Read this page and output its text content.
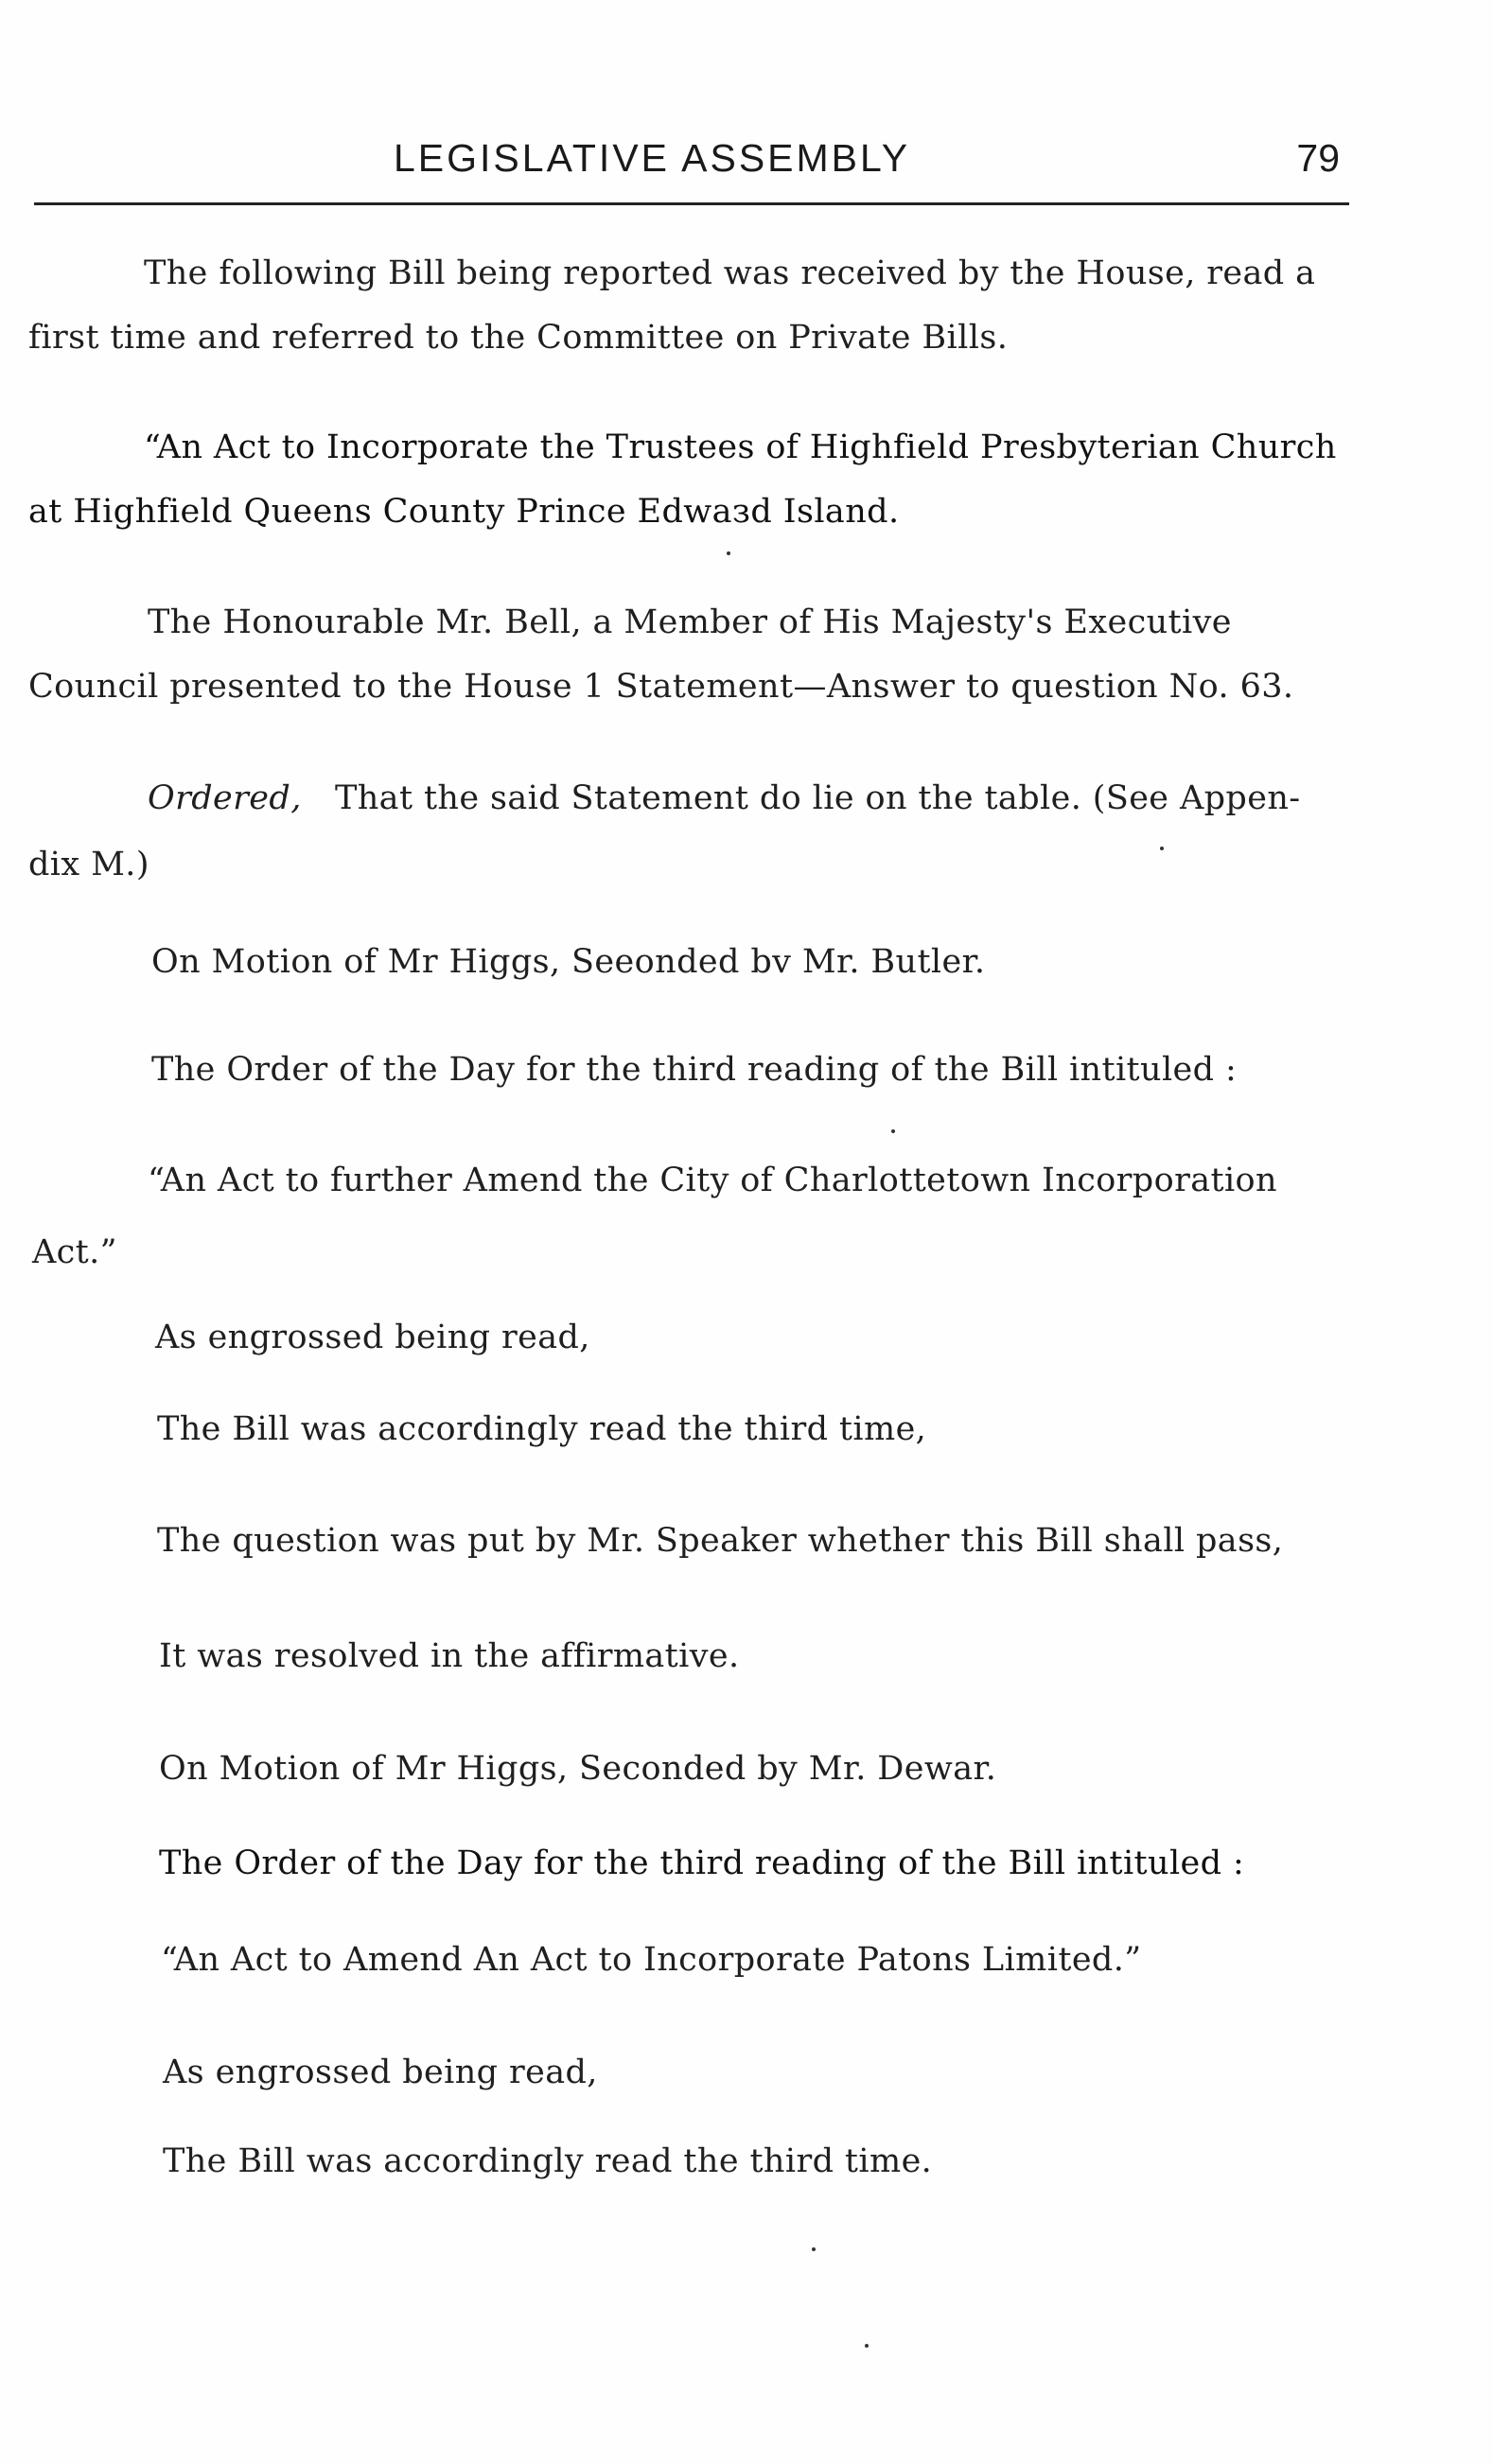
LEGISLATIVE ASSEMBLY	79
The following Bill being reported was received by the House, read a
first time and referred to the Committee on Private Bills.
“An Act to Incorporate the Trustees of Highfield Presbyterian Church
at Highfield Queens County Prince Edwaзd Island.
The Honourable Mr. Bell, a Member of His Majesty's Executive
Council presented to the House 1 Statement—Answer to question No. 63.
Ordered, That the said Statement do lie on the table. (See Appen-
dix M.)
On Motion of Mr Higgs, Seeonded bv Mr. Butler.
The Order of the Day for the third reading of the Bill intituled :
“An Act to further Amend the City of Charlottetown Incorporation
Act.”
As engrossed being read,
The Bill was accordingly read the third time,
The question was put by Mr. Speaker whether this Bill shall pass,
It was resolved in the affirmative.
On Motion of Mr Higgs, Seconded by Mr. Dewar.
The Order of the Day for the third reading of the Bill intituled :
“An Act to Amend An Act to Incorporate Patons Limited.”
As engrossed being read,
The Bill was accordingly read the third time.
